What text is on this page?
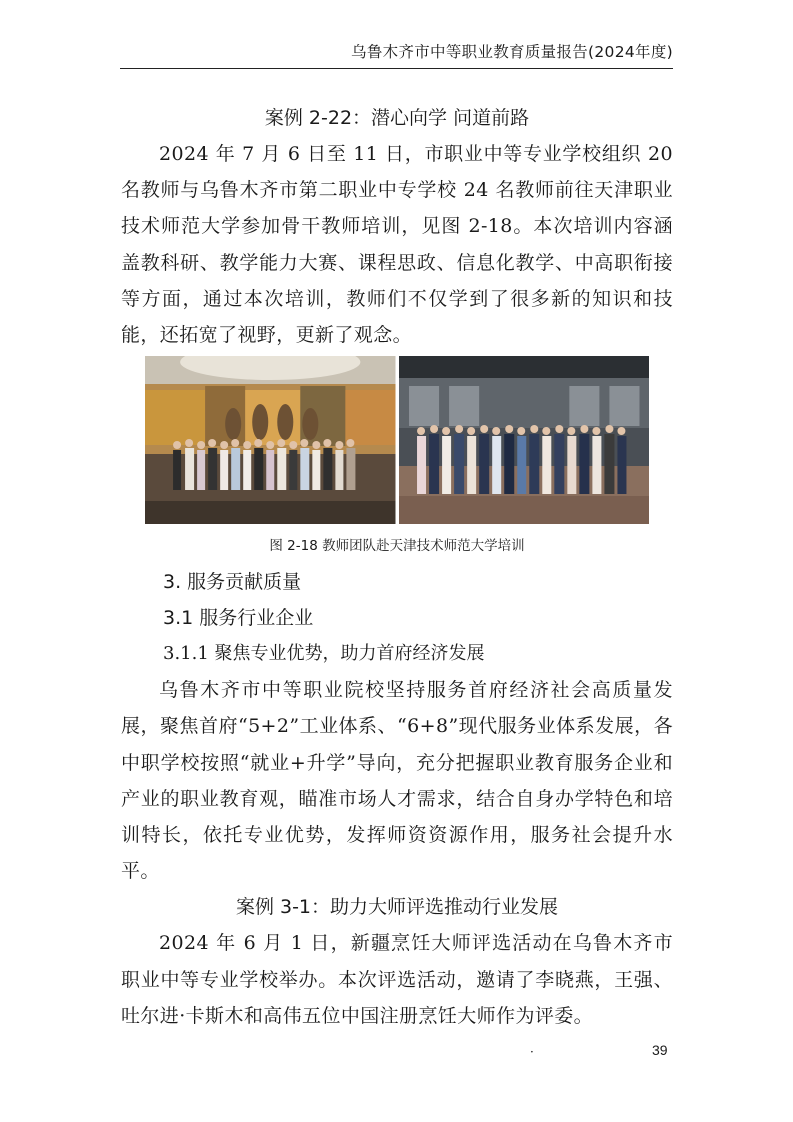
乌鲁木齐市中等职业教育质量报告(2024年度)

案例 2-22：潜心向学 问道前路

2024 年 7 月 6 日至 11 日，市职业中等专业学校组织 20 名教师与乌鲁木齐市第二职业中专学校 24 名教师前往天津职业技术师范大学参加骨干教师培训，见图 2-18。本次培训内容涵盖教科研、教学能力大赛、课程思政、信息化教学、中高职衔接等方面，通过本次培训，教师们不仅学到了很多新的知识和技能，还拓宽了视野，更新了观念。

图 2-18 教师团队赴天津技术师范大学培训

3. 服务贡献质量

3.1 服务行业企业

3.1.1 聚焦专业优势，助力首府经济发展

乌鲁木齐市中等职业院校坚持服务首府经济社会高质量发展，聚焦首府“5+2”工业体系、“6+8”现代服务业体系发展，各中职学校按照“就业+升学”导向，充分把握职业教育服务企业和产业的职业教育观，瞄准市场人才需求，结合自身办学特色和培训特长，依托专业优势，发挥师资资源作用，服务社会提升水平。

案例 3-1：助力大师评选推动行业发展

2024 年 6 月 1 日，新疆烹饪大师评选活动在乌鲁木齐市职业中等专业学校举办。本次评选活动，邀请了李晓燕，王强、吐尔进·卡斯木和高伟五位中国注册烹饪大师作为评委。

·	39
